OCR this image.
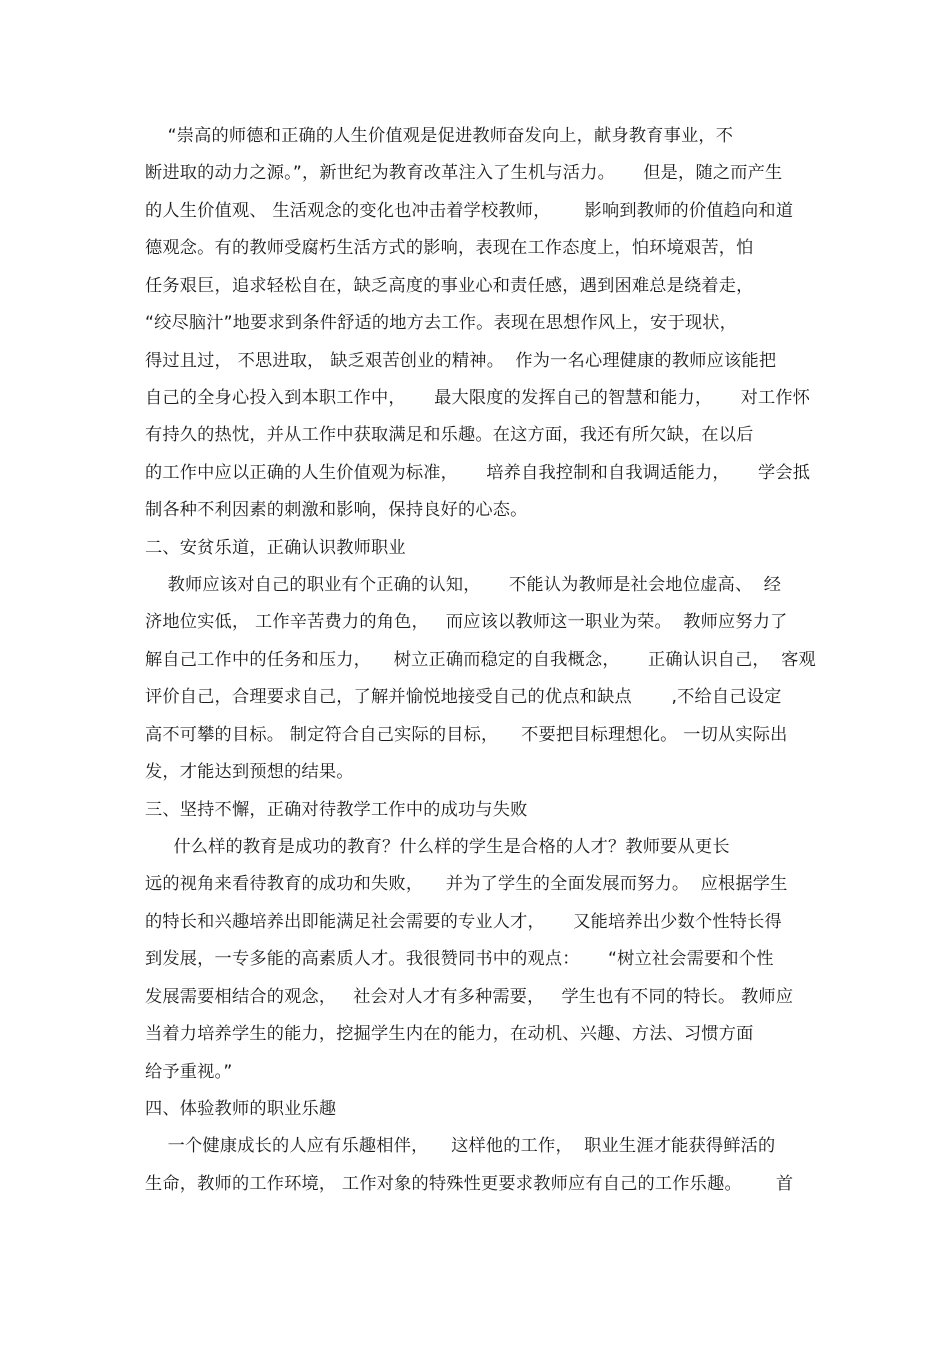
“崇高的师德和正确的人生价值观是促进教师奋发向上，献身教育事业，不
断进取的动力之源。”，新世纪为教育改革注入了生机与活力。     但是，随之而产生
的人生价值观、 生活观念的变化也冲击着学校教师，      影响到教师的价值趋向和道
德观念。有的教师受腐朽生活方式的影响，表现在工作态度上，怕环境艰苦，怕
任务艰巨，追求轻松自在，缺乏高度的事业心和责任感，遇到困难总是绕着走，
“绞尽脑汁”地要求到条件舒适的地方去工作。表现在思想作风上，安于现状，
得过且过， 不思进取， 缺乏艰苦创业的精神。  作为一名心理健康的教师应该能把
自己的全身心投入到本职工作中，     最大限度的发挥自己的智慧和能力，     对工作怀
有持久的热忱，并从工作中获取满足和乐趣。在这方面，我还有所欠缺，在以后
的工作中应以正确的人生价值观为标准，     培养自我控制和自我调适能力，     学会抵
制各种不利因素的刺激和影响，保持良好的心态。
二、安贫乐道，正确认识教师职业
教师应该对自己的职业有个正确的认知，     不能认为教师是社会地位虚高、  经
济地位实低， 工作辛苦费力的角色，   而应该以教师这一职业为荣。  教师应努力了
解自己工作中的任务和压力，    树立正确而稳定的自我概念，     正确认识自己，  客观
评价自己，合理要求自己，了解并愉悦地接受自己的优点和缺点       ,不给自己设定
高不可攀的目标。 制定符合自己实际的目标，    不要把目标理想化。 一切从实际出
发，才能达到预想的结果。
三、坚持不懈，正确对待教学工作中的成功与失败
什么样的教育是成功的教育？什么样的学生是合格的人才？教师要从更长
远的视角来看待教育的成功和失败，    并为了学生的全面发展而努力。  应根据学生
的特长和兴趣培养出即能满足社会需要的专业人才，     又能培养出少数个性特长得
到发展，一专多能的高素质人才。我很赞同书中的观点：     “树立社会需要和个性
发展需要相结合的观念，   社会对人才有多种需要，   学生也有不同的特长。 教师应
当着力培养学生的能力，挖掘学生内在的能力，在动机、兴趣、方法、习惯方面
给予重视。”
四、体验教师的职业乐趣
一个健康成长的人应有乐趣相伴，    这样他的工作，  职业生涯才能获得鲜活的
生命，教师的工作环境， 工作对象的特殊性更要求教师应有自己的工作乐趣。      首
